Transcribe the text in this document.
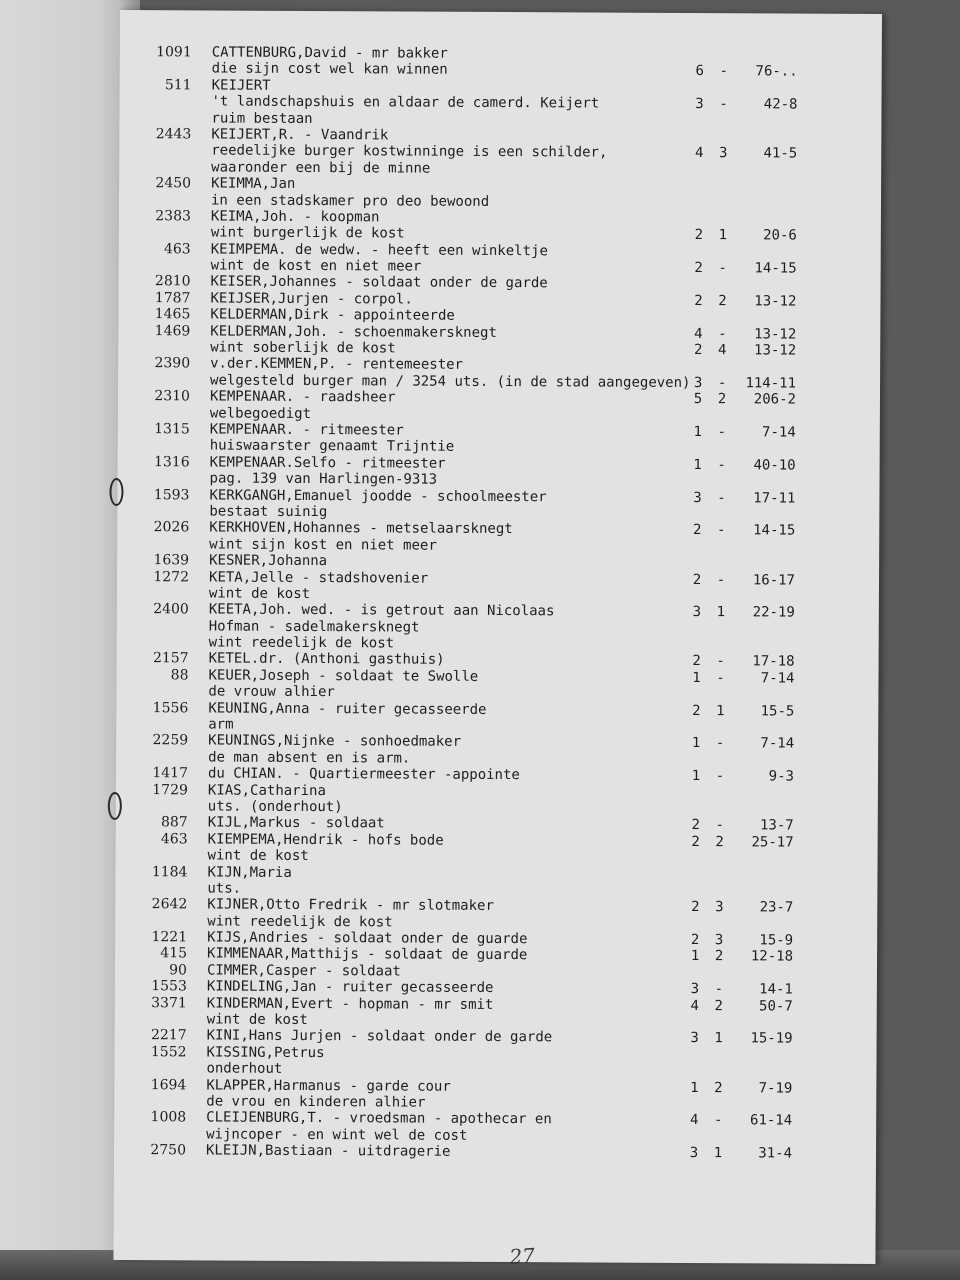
1091 CATTENBURG,David - mr bakker
die sijn cost wel kan winnen	6	-	76-..
511 KEIJERT
't landschapshuis en aldaar de camerd. Keijert	3	-	42-8
ruim bestaan
2443 KEIJERT,R. - Vaandrik
reedelijke burger kostwinninge is een schilder,	4	3	41-5
waaronder een bij de minne
2450 KEIMMA,Jan
in een stadskamer pro deo bewoond
2383 KEIMA,Joh. - koopman
wint burgerlijk de kost	2	1	20-6
463 KEIMPEMA. de wedw. - heeft een winkeltje
wint de kost en niet meer	2	-	14-15
2810 KEISER,Johannes - soldaat onder de garde
1787 KEIJSER,Jurjen - corpol.	2	2	13-12
1465 KELDERMAN,Dirk - appointeerde
1469 KELDERMAN,Joh. - schoenmakersknegt	4	-	13-12
wint soberlijk de kost	2	4	13-12
2390 v.der.KEMMEN,P. - rentemeester
welgesteld burger man / 3254 uts. (in de stad aangegeven) 3	-	114-11
2310 KEMPENAAR. - raadsheer	5	2	206-2
welbegoedigt
1315 KEMPENAAR. - ritmeester	1	-	7-14
huiswaarster genaamt Trijntie
1316 KEMPENAAR.Selfo - ritmeester	1	-	40-10
pag. 139 van Harlingen-9313
1593 KERKGANGH,Emanuel joodde - schoolmeester	3	-	17-11
bestaat suinig
2026 KERKHOVEN,Hohannes - metselaarsknegt	2	-	14-15
wint sijn kost en niet meer
1639 KESNER,Johanna
1272 KETA,Jelle - stadshovenier	2	-	16-17
wint de kost
2400 KEETA,Joh. wed. - is getrout aan Nicolaas	3	1	22-19
Hofman - sadelmakersknegt
wint reedelijk de kost
2157 KETEL.dr. (Anthoni gasthuis)	2	-	17-18
88 KEUER,Joseph - soldaat te Swolle	1	-	7-14
de vrouw alhier
1556 KEUNING,Anna - ruiter gecasseerde	2	1	15-5
arm
2259 KEUNINGS,Nijnke - sonhoedmaker	1	-	7-14
de man absent en is arm.
1417 du CHIAN. - Quartiermeester -appointe	1	-	9-3
1729 KIAS,Catharina
uts. (onderhout)
887 KIJL,Markus - soldaat	2	-	13-7
463 KIEMPEMA,Hendrik - hofs bode	2	2	25-17
wint de kost
1184 KIJN,Maria
uts.
2642 KIJNER,Otto Fredrik - mr slotmaker	2	3	23-7
wint reedelijk de kost
1221 KIJS,Andries - soldaat onder de guarde	2	3	15-9
415 KIMMENAAR,Matthijs - soldaat de guarde	1	2	12-18
90 CIMMER,Casper - soldaat
1553 KINDELING,Jan - ruiter gecasseerde	3	-	14-1
3371 KINDERMAN,Evert - hopman - mr smit	4	2	50-7
wint de kost
2217 KINI,Hans Jurjen - soldaat onder de garde	3	1	15-19
1552 KISSING,Petrus
onderhout
1694 KLAPPER,Harmanus - garde cour	1	2	7-19
de vrou en kinderen alhier
1008 CLEIJENBURG,T. - vroedsman - apothecar en	4	-	61-14
wijncoper - en wint wel de cost
2750 KLEIJN,Bastiaan - uitdragerie	3	1	31-4
27
